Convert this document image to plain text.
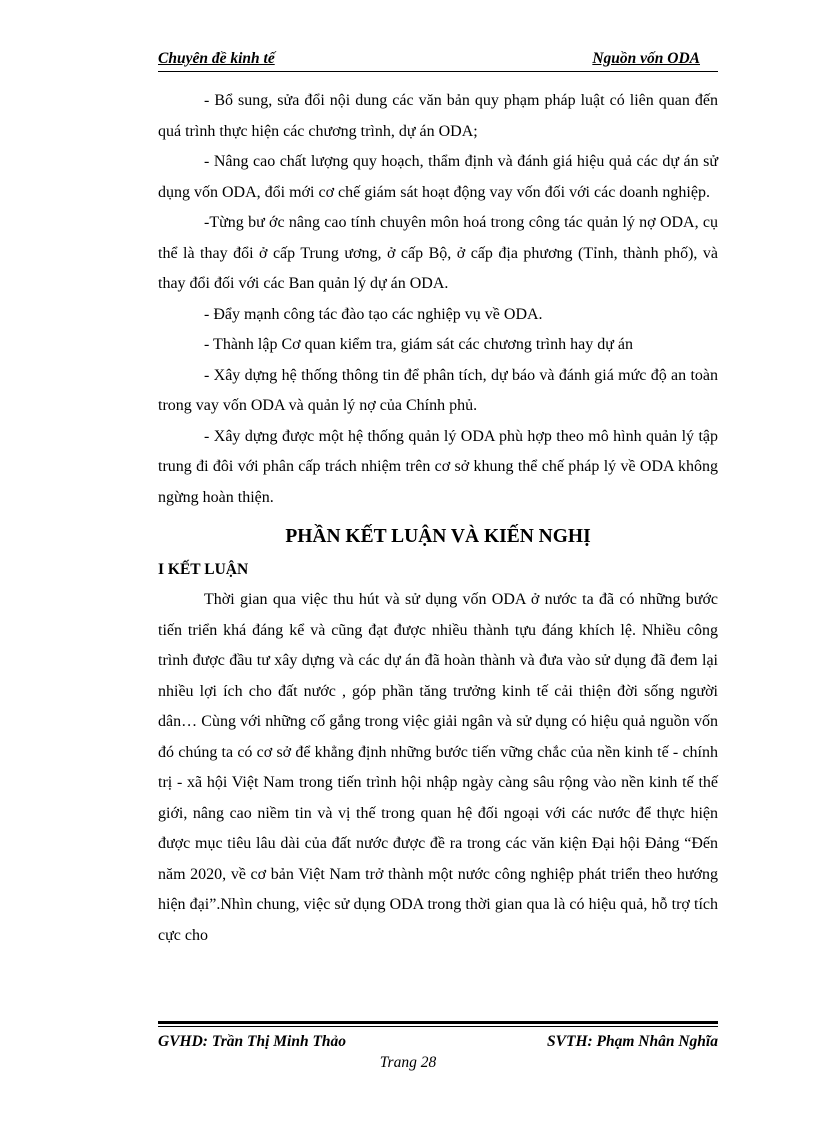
Chuyên đề kinh tế	Nguồn vốn ODA

- Bổ sung, sửa đổi nội dung các văn bản quy phạm pháp luật có liên quan đến quá trình thực hiện các chương trình, dự án ODA;

- Nâng cao chất lượng quy hoạch, thẩm định và đánh giá hiệu quả các dự án sử dụng vốn ODA, đổi mới cơ chế giám sát hoạt động vay vốn đối với các doanh nghiệp.

-Từng bư ớc nâng cao tính chuyên môn hoá trong công tác quản lý nợ ODA, cụ thể là thay đổi ở cấp Trung ương, ở cấp Bộ, ở cấp địa phương (Tỉnh, thành phố), và thay đổi đối với các Ban quản lý dự án ODA.

- Đẩy mạnh công tác đào tạo các nghiệp vụ về ODA.

- Thành lập Cơ quan kiểm tra, giám sát các chương trình hay dự án

- Xây dựng hệ thống thông tin để phân tích, dự báo và đánh giá mức độ an toàn trong vay vốn ODA và quản lý nợ của Chính phủ.

- Xây dựng được một hệ thống quản lý ODA phù hợp theo mô hình quản lý tập trung đi đôi với phân cấp trách nhiệm trên cơ sở khung thể chế pháp lý về ODA không ngừng hoàn thiện.

PHẦN KẾT LUẬN VÀ KIẾN NGHỊ
I KẾT LUẬN

Thời gian qua việc thu hút và sử dụng vốn ODA ở nước ta đã có những bước tiến triển khá đáng kể và cũng đạt được nhiều thành tựu đáng khích lệ. Nhiều công trình được đầu tư xây dựng và các dự án đã hoàn thành và đưa vào sử dụng đã đem lại nhiều lợi ích cho đất nước , góp phần tăng trưởng kinh tế cải thiện đời sống người dân… Cùng với những cố gắng trong việc giải ngân và sử dụng có hiệu quả nguồn vốn đó chúng ta có cơ sở để khẳng định những bước tiến vững chắc của nền kinh tế - chính trị - xã hội Việt Nam trong tiến trình hội nhập ngày càng sâu rộng vào nền kinh tế thế giới, nâng cao niềm tin và vị thế trong quan hệ đối ngoại với các nước để thực hiện được mục tiêu lâu dài của đất nước được đề ra trong các văn kiện Đại hội Đảng “Đến năm 2020, về cơ bản Việt Nam trở thành một nước công nghiệp phát triển theo hướng hiện đại”.Nhìn chung, việc sử dụng ODA trong thời gian qua là có hiệu quả, hỗ trợ tích cực cho

GVHD: Trần Thị Minh Thảo	SVTH: Phạm Nhân Nghĩa
Trang 28
